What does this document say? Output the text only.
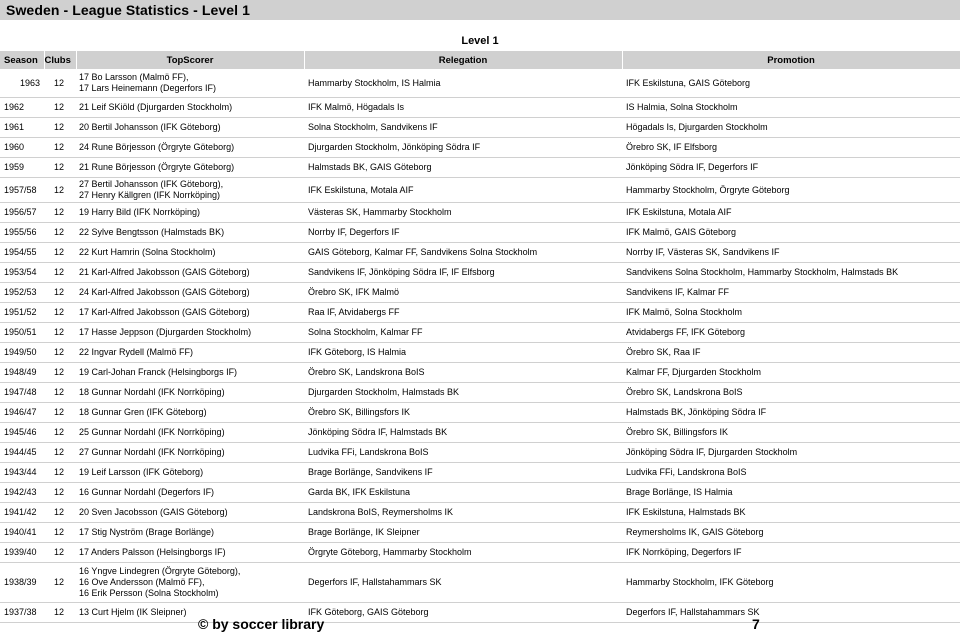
Sweden - League Statistics - Level 1
Level 1
Season	Clubs	TopScorer	Relegation	Promotion
1963	12	17 Bo Larsson (Malmö FF),
17 Lars Heinemann (Degerfors IF)	Hammarby Stockholm, IS Halmia	IFK Eskilstuna, GAIS Göteborg
1962	12	21 Leif SKiöld (Djurgarden Stockholm)	IFK Malmö, Högadals Is	IS Halmia, Solna Stockholm
1961	12	20 Bertil Johansson (IFK Göteborg)	Solna Stockholm, Sandvikens IF	Högadals Is, Djurgarden Stockholm
1960	12	24 Rune Börjesson (Örgryte Göteborg)	Djurgarden Stockholm, Jönköping Södra IF	Örebro SK, IF Elfsborg
1959	12	21 Rune Börjesson (Örgryte Göteborg)	Halmstads BK, GAIS Göteborg	Jönköping Södra IF, Degerfors IF
1957/58	12	27 Bertil Johansson (IFK Göteborg),
27 Henry Källgren (IFK Norrköping)	IFK Eskilstuna, Motala AIF	Hammarby Stockholm, Örgryte Göteborg
1956/57	12	19 Harry Bild (IFK Norrköping)	Västeras SK, Hammarby Stockholm	IFK Eskilstuna, Motala AIF
1955/56	12	22 Sylve Bengtsson (Halmstads BK)	Norrby IF, Degerfors IF	IFK Malmö, GAIS Göteborg
1954/55	12	22 Kurt Hamrin (Solna Stockholm)	GAIS Göteborg, Kalmar FF, Sandvikens Solna Stockholm	Norrby IF, Västeras SK, Sandvikens IF
1953/54	12	21 Karl-Alfred Jakobsson (GAIS Göteborg)	Sandvikens IF, Jönköping Södra IF, IF Elfsborg	Sandvikens Solna Stockholm, Hammarby Stockholm, Halmstads BK
1952/53	12	24 Karl-Alfred Jakobsson (GAIS Göteborg)	Örebro SK, IFK Malmö	Sandvikens IF, Kalmar FF
1951/52	12	17 Karl-Alfred Jakobsson (GAIS Göteborg)	Raa IF, Atvidabergs FF	IFK Malmö, Solna Stockholm
1950/51	12	17 Hasse Jeppson (Djurgarden Stockholm)	Solna Stockholm, Kalmar FF	Atvidabergs FF, IFK Göteborg
1949/50	12	22 Ingvar Rydell (Malmö FF)	IFK Göteborg, IS Halmia	Örebro SK, Raa IF
1948/49	12	19 Carl-Johan Franck (Helsingborgs IF)	Örebro SK, Landskrona BoIS	Kalmar FF, Djurgarden Stockholm
1947/48	12	18 Gunnar Nordahl (IFK Norrköping)	Djurgarden Stockholm, Halmstads BK	Örebro SK, Landskrona BoIS
1946/47	12	18 Gunnar Gren (IFK Göteborg)	Örebro SK, Billingsfors IK	Halmstads BK, Jönköping Södra IF
1945/46	12	25 Gunnar Nordahl (IFK Norrköping)	Jönköping Södra IF, Halmstads BK	Örebro SK, Billingsfors IK
1944/45	12	27 Gunnar Nordahl (IFK Norrköping)	Ludvika FFi, Landskrona BoIS	Jönköping Södra IF, Djurgarden Stockholm
1943/44	12	19 Leif Larsson (IFK Göteborg)	Brage Borlänge, Sandvikens IF	Ludvika FFi, Landskrona BoIS
1942/43	12	16 Gunnar Nordahl (Degerfors IF)	Garda BK, IFK Eskilstuna	Brage Borlänge, IS Halmia
1941/42	12	20 Sven Jacobsson (GAIS Göteborg)	Landskrona BoIS, Reymersholms IK	IFK Eskilstuna, Halmstads BK
1940/41	12	17 Stig Nyström (Brage Borlänge)	Brage Borlänge, IK Sleipner	Reymersholms IK, GAIS Göteborg
1939/40	12	17 Anders Palsson (Helsingborgs IF)	Örgryte Göteborg, Hammarby Stockholm	IFK Norrköping, Degerfors IF
1938/39	12	16 Yngve Lindegren (Örgryte Göteborg),
16 Ove Andersson (Malmö FF),
16 Erik Persson (Solna Stockholm)	Degerfors IF, Hallstahammars SK	Hammarby Stockholm, IFK Göteborg
1937/38	12	13 Curt Hjelm (IK Sleipner)	IFK Göteborg, GAIS Göteborg	Degerfors IF, Hallstahammars SK
© by soccer library	7
